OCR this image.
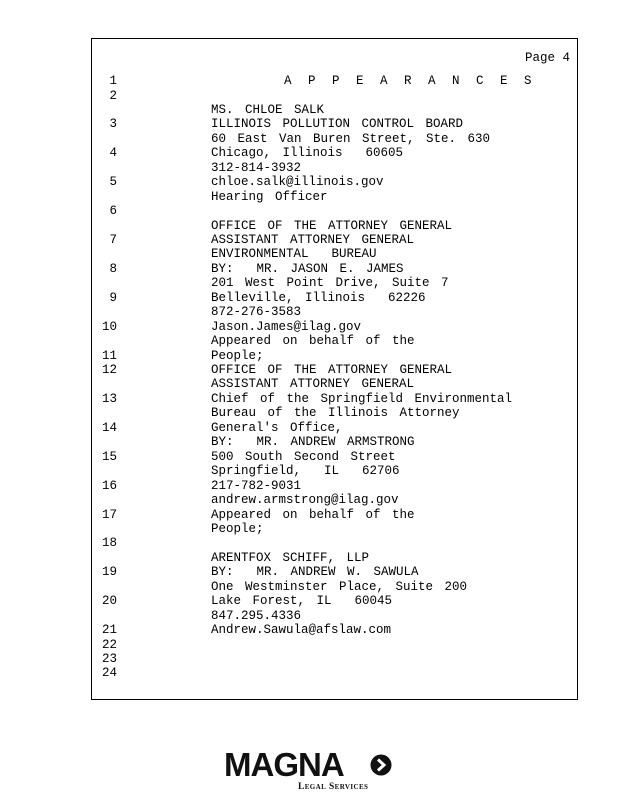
Page 4
1	A P P E A R A N C E S
2
MS. CHLOE SALK
3	ILLINOIS POLLUTION CONTROL BOARD
60 East Van Buren Street, Ste. 630
4	Chicago, Illinois  60605
312-814-3932
5	chloe.salk@illinois.gov
Hearing Officer
6
OFFICE OF THE ATTORNEY GENERAL
7	ASSISTANT ATTORNEY GENERAL
ENVIRONMENTAL  BUREAU
8	BY:  MR. JASON E. JAMES
201 West Point Drive, Suite 7
9	Belleville, Illinois  62226
872-276-3583
10	Jason.James@ilag.gov
Appeared on behalf of the
11	People;
12	OFFICE OF THE ATTORNEY GENERAL
ASSISTANT ATTORNEY GENERAL
13	Chief of the Springfield Environmental
Bureau of the Illinois Attorney
14	General's Office,
BY:  MR. ANDREW ARMSTRONG
15	500 South Second Street
Springfield,  IL  62706
16	217-782-9031
andrew.armstrong@ilag.gov
17	Appeared on behalf of the
People;
18
ARENTFOX SCHIFF, LLP
19	BY:  MR. ANDREW W. SAWULA
One Westminster Place, Suite 200
20	Lake Forest, IL  60045
847.295.4336
21	Andrew.Sawula@afslaw.com
22
23
24
MAGNA
Legal Services
